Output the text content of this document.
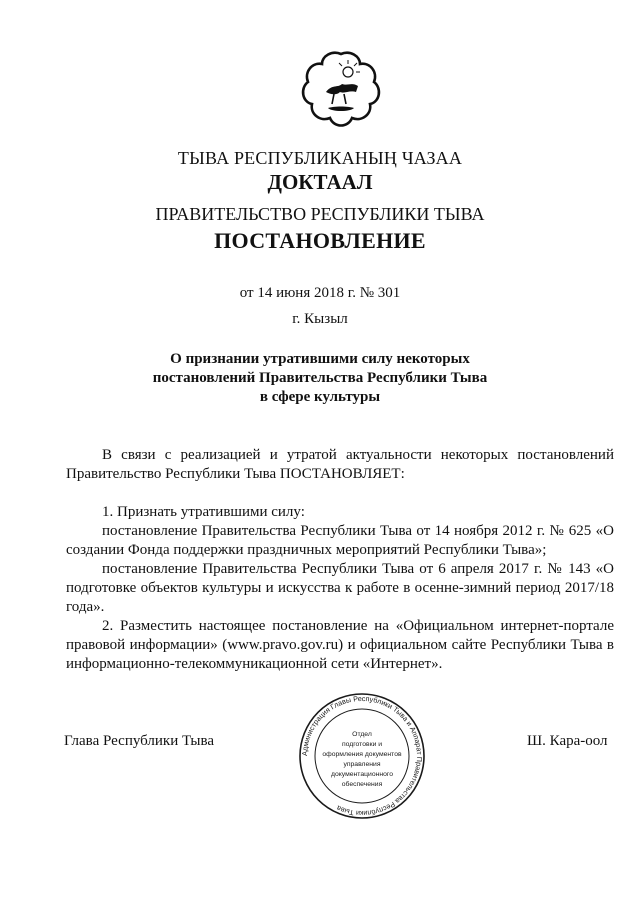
ТЫВА РЕСПУБЛИКАНЫҢ ЧАЗАА
ДОКТААЛ
ПРАВИТЕЛЬСТВО РЕСПУБЛИКИ ТЫВА
ПОСТАНОВЛЕНИЕ
от 14 июня 2018 г. № 301
г. Кызыл
О признании утратившими силу некоторых
постановлений Правительства Республики Тыва
в сфере культуры

В связи с реализацией и утратой актуальности некоторых постановлений Правительство Республики Тыва ПОСТАНОВЛЯЕТ:

1. Признать утратившими силу:

постановление Правительства Республики Тыва от 14 ноября 2012 г. № 625 «О создании Фонда поддержки праздничных мероприятий Республики Тыва»;

постановление Правительства Республики Тыва от 6 апреля 2017 г. № 143 «О подготовке объектов культуры и искусства к работе в осенне-зимний период 2017/18 года».

2. Разместить настоящее постановление на «Официальном интернет-портале правовой информации» (www.pravo.gov.ru) и официальном сайте Республики Тыва в информационно-телекоммуникационной сети «Интернет».

Глава Республики Тыва	Ш. Кара-оол
Администрация Главы Республики Тыва и Аппарат Правительства Республики Тыва
Отдел
подготовки и
оформления документов
управления
документационного
обеспечения
